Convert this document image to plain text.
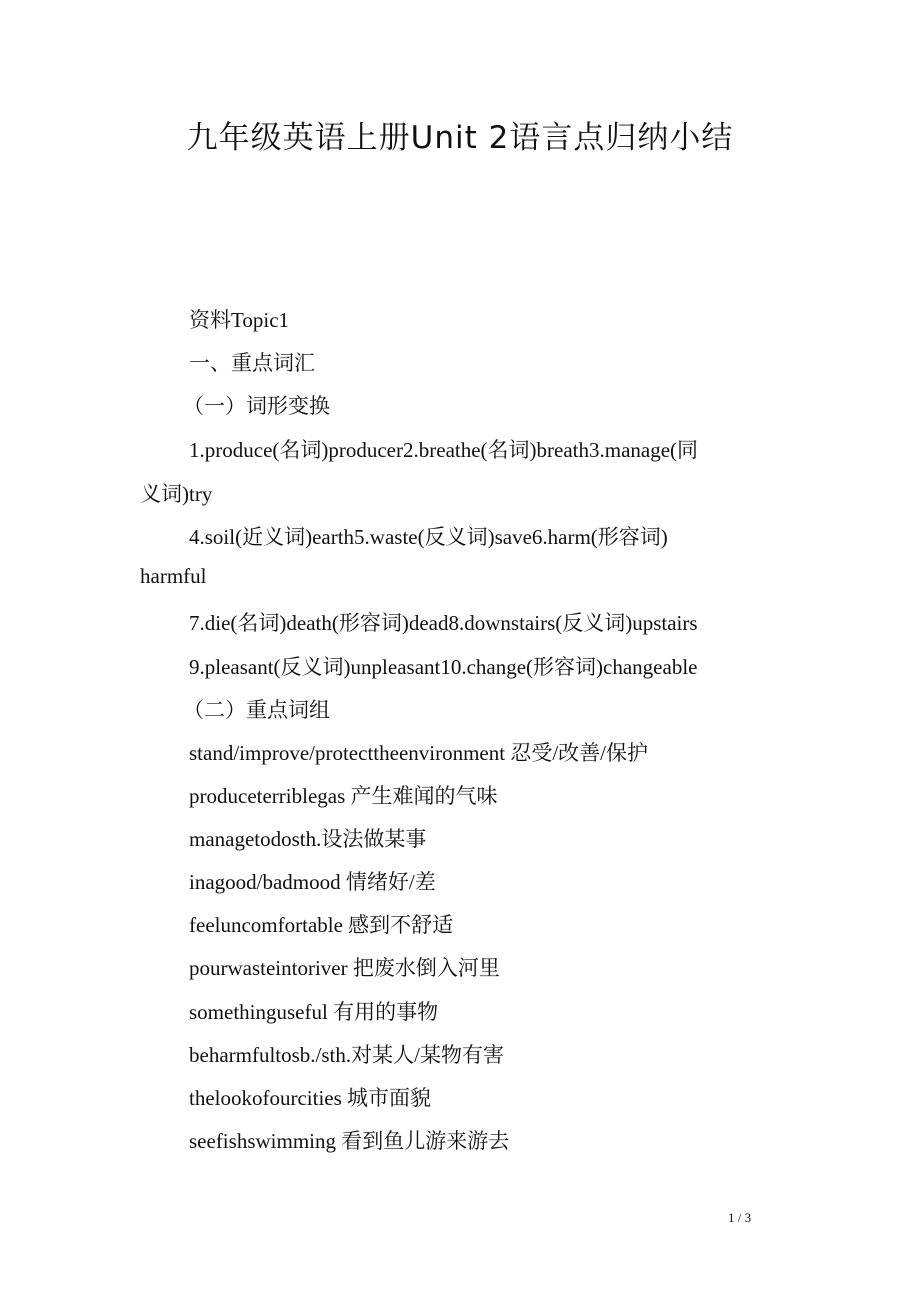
九年级英语上册Unit 2语言点归纳小结
资料Topic1
一、重点词汇
（一）词形变换
1.produce(名词)producer2.breathe(名词)breath3.manage(同
义词)try
4.soil(近义词)earth5.waste(反义词)save6.harm(形容词)
harmful
7.die(名词)death(形容词)dead8.downstairs(反义词)upstairs
9.pleasant(反义词)unpleasant10.change(形容词)changeable
（二）重点词组
stand/improve/protecttheenvironment 忍受/改善/保护
produceterriblegas 产生难闻的气味
managetodosth.设法做某事
inagood/badmood 情绪好/差
feeluncomfortable 感到不舒适
pourwasteintoriver 把废水倒入河里
somethinguseful 有用的事物
beharmfultosb./sth.对某人/某物有害
thelookofourcities 城市面貌
seefishswimming 看到鱼儿游来游去
1 / 3
